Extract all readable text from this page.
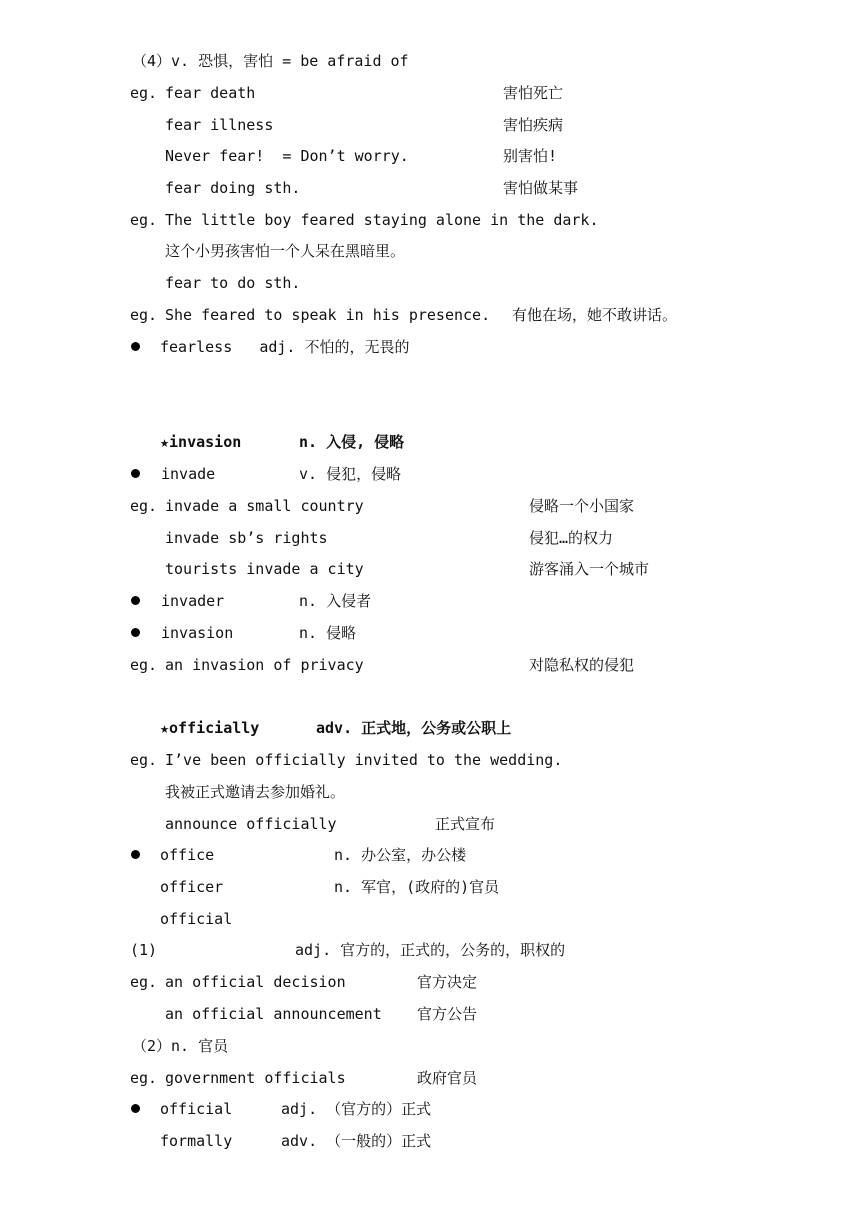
（4）v. 恐惧，害怕 = be afraid of
eg. fear death	害怕死亡
fear illness	害怕疾病
Never fear!  = Don’t worry.	别害怕!
fear doing sth.	害怕做某事
eg. The little boy feared staying alone in the dark.
这个小男孩害怕一个人呆在黑暗里。
fear to do sth.
eg. She feared to speak in his presence. 有他在场，她不敢讲话。
fearless   adj. 不怕的，无畏的
★invasion	n. 入侵, 侵略
invade	v. 侵犯，侵略
eg. invade a small country	侵略一个小国家
invade sb’s rights	侵犯…的权力
tourists invade a city	游客涌入一个城市
invader	n. 入侵者
invasion	n. 侵略
eg. an invasion of privacy	对隐私权的侵犯
★officially	adv. 正式地，公务或公职上
eg. I’ve been officially invited to the wedding.
我被正式邀请去参加婚礼。
announce officially	正式宣布
office	n. 办公室，办公楼
officer	n. 军官，(政府的)官员
official
(1)	adj. 官方的，正式的，公务的，职权的
eg. an official decision	官方决定
an official announcement 官方公告
（2）n. 官员
eg. government officials	政府官员
official	adj. （官方的）正式
formally	adv. （一般的）正式
